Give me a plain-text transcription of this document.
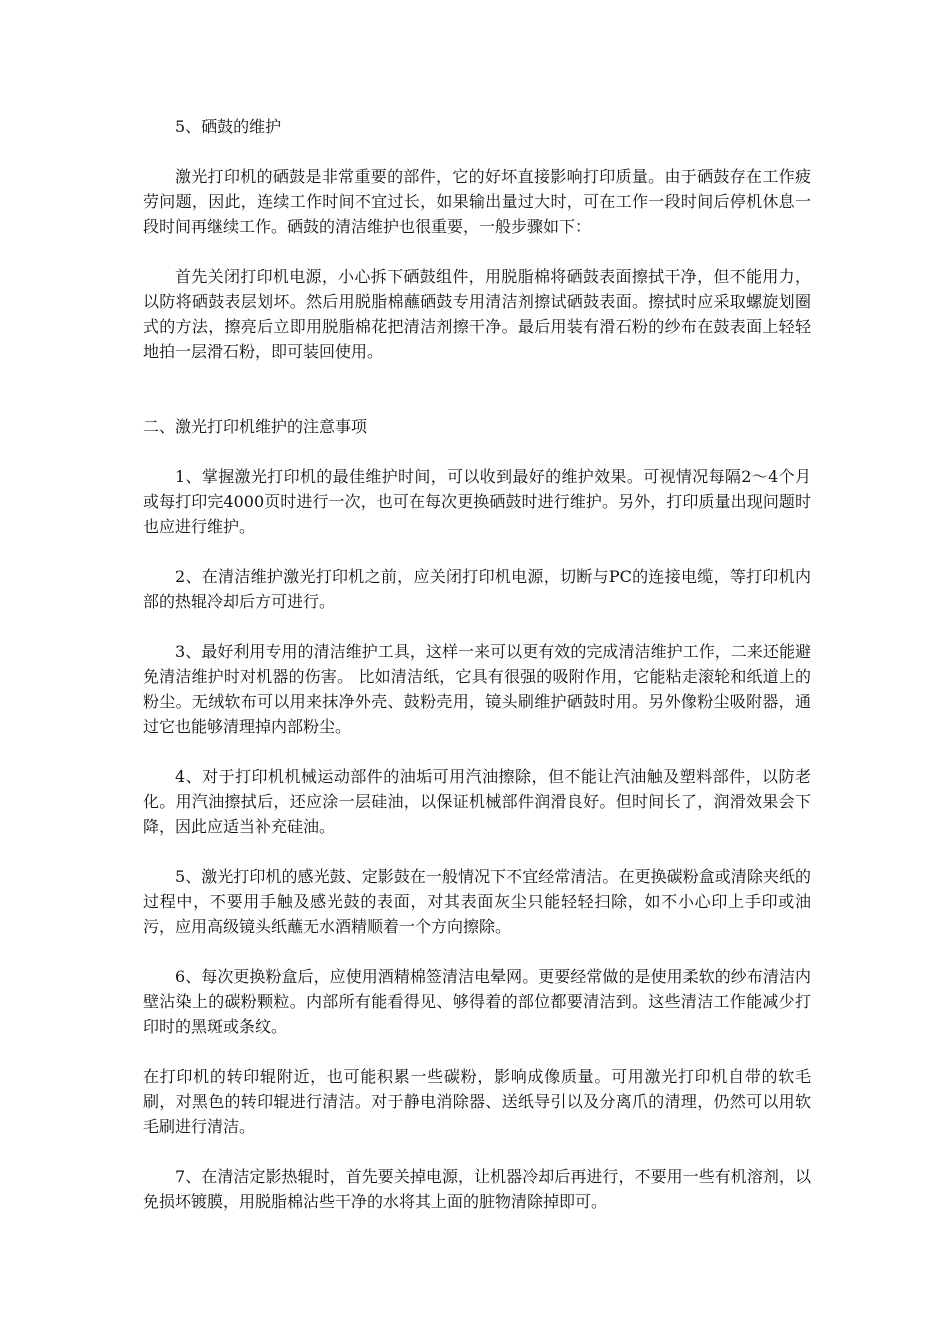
5、硒鼓的维护
激光打印机的硒鼓是非常重要的部件，它的好坏直接影响打印质量。由于硒鼓存在工作疲劳问题，因此，连续工作时间不宜过长，如果输出量过大时，可在工作一段时间后停机休息一段时间再继续工作。硒鼓的清洁维护也很重要，一般步骤如下：
首先关闭打印机电源，小心拆下硒鼓组件，用脱脂棉将硒鼓表面擦拭干净，但不能用力，以防将硒鼓表层划坏。然后用脱脂棉蘸硒鼓专用清洁剂擦试硒鼓表面。擦拭时应采取螺旋划圈式的方法，擦亮后立即用脱脂棉花把清洁剂擦干净。最后用装有滑石粉的纱布在鼓表面上轻轻地拍一层滑石粉，即可装回使用。
二、激光打印机维护的注意事项
1、掌握激光打印机的最佳维护时间，可以收到最好的维护效果。可视情况每隔2～4个月或每打印完4000页时进行一次，也可在每次更换硒鼓时进行维护。另外，打印质量出现问题时也应进行维护。
2、在清洁维护激光打印机之前，应关闭打印机电源，切断与PC的连接电缆，等打印机内部的热辊冷却后方可进行。
3、最好利用专用的清洁维护工具，这样一来可以更有效的完成清洁维护工作，二来还能避免清洁维护时对机器的伤害。 比如清洁纸，它具有很强的吸附作用，它能粘走滚轮和纸道上的粉尘。无绒软布可以用来抹净外壳、鼓粉壳用，镜头刷维护硒鼓时用。另外像粉尘吸附器，通过它也能够清理掉内部粉尘。
4、对于打印机机械运动部件的油垢可用汽油擦除，但不能让汽油触及塑料部件，以防老化。用汽油擦拭后，还应涂一层硅油，以保证机械部件润滑良好。但时间长了，润滑效果会下降，因此应适当补充硅油。
5、激光打印机的感光鼓、定影鼓在一般情况下不宜经常清洁。在更换碳粉盒或清除夹纸的过程中，不要用手触及感光鼓的表面，对其表面灰尘只能轻轻扫除，如不小心印上手印或油污，应用高级镜头纸蘸无水酒精顺着一个方向擦除。
6、每次更换粉盒后，应使用酒精棉签清洁电晕网。更要经常做的是使用柔软的纱布清洁内壁沾染上的碳粉颗粒。内部所有能看得见、够得着的部位都要清洁到。这些清洁工作能减少打印时的黑斑或条纹。
在打印机的转印辊附近，也可能积累一些碳粉，影响成像质量。可用激光打印机自带的软毛刷，对黑色的转印辊进行清洁。对于静电消除器、送纸导引以及分离爪的清理，仍然可以用软毛刷进行清洁。
7、在清洁定影热辊时，首先要关掉电源，让机器冷却后再进行，不要用一些有机溶剂，以免损坏镀膜，用脱脂棉沾些干净的水将其上面的脏物清除掉即可。
